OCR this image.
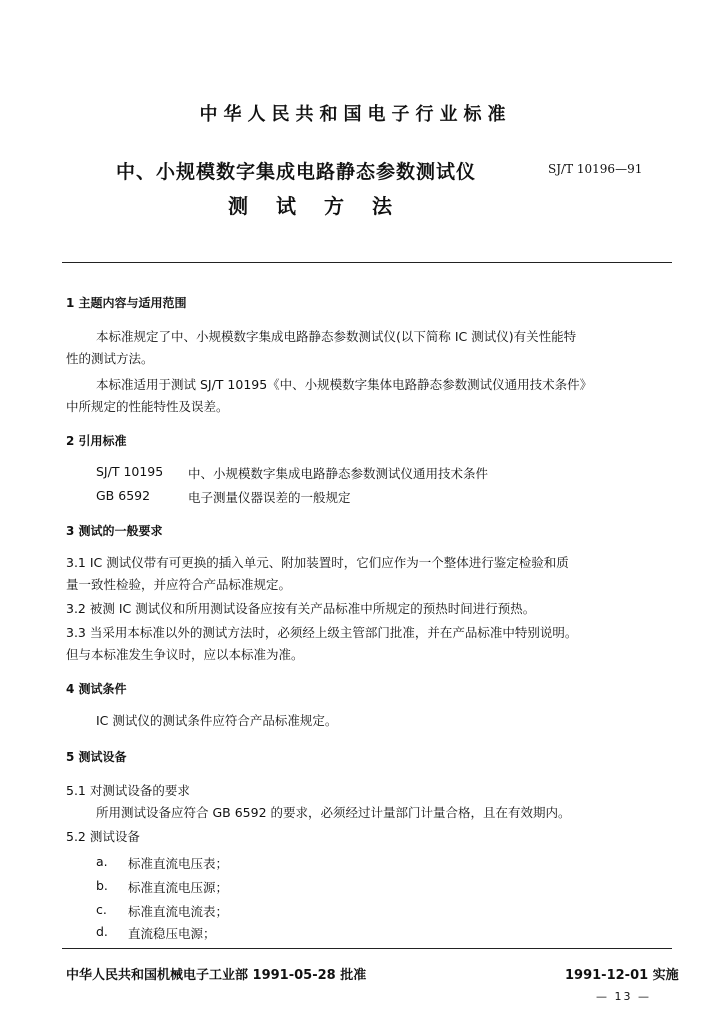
中华人民共和国电子行业标准
中、小规模数字集成电路静态参数测试仪	SJ/T 10196—91
测试方法
1 主题内容与适用范围
本标准规定了中、小规模数字集成电路静态参数测试仪(以下简称 IC 测试仪)有关性能特
性的测试方法。
本标准适用于测试 SJ/T 10195《中、小规模数字集体电路静态参数测试仪通用技术条件》
中所规定的性能特性及误差。
2 引用标准
SJ/T 10195 中、小规模数字集成电路静态参数测试仪通用技术条件
GB 6592	电子测量仪器误差的一般规定
3 测试的一般要求
3.1 IC 测试仪带有可更换的插入单元、附加装置时，它们应作为一个整体进行鉴定检验和质
量一致性检验，并应符合产品标准规定。
3.2 被测 IC 测试仪和所用测试设备应按有关产品标准中所规定的预热时间进行预热。
3.3 当采用本标准以外的测试方法时，必须经上级主管部门批准，并在产品标准中特别说明。
但与本标准发生争议时，应以本标准为准。
4 测试条件
IC 测试仪的测试条件应符合产品标准规定。
5 测试设备
5.1 对测试设备的要求
所用测试设备应符合 GB 6592 的要求，必须经过计量部门计量合格，且在有效期内。
5.2 测试设备
a. 标准直流电压表；
b. 标准直流电压源；
c. 标准直流电流表；
d. 直流稳压电源；
中华人民共和国机械电子工业部 1991-05-28 批准	1991-12-01 实施
— 13 —
